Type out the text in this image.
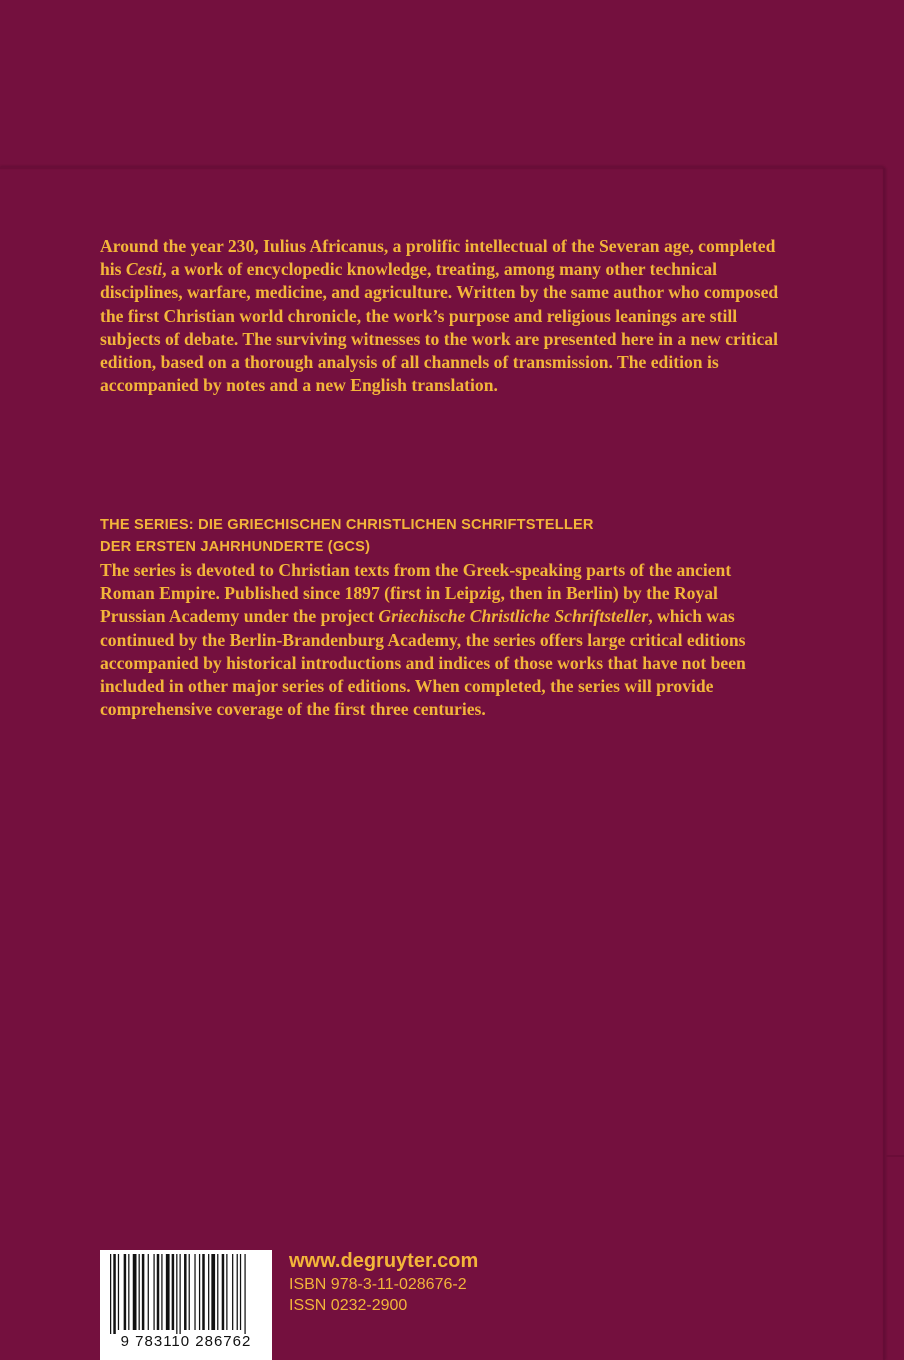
Around the year 230, Iulius Africanus, a prolific intellectual of the Severan age, completed his Cesti, a work of encyclopedic knowledge, treating, among many other technical disciplines, warfare, medicine, and agriculture. Written by the same author who composed the first Christian world chronicle, the work’s purpose and religious leanings are still subjects of debate. The surviving witnesses to the work are presented here in a new critical edition, based on a thorough analysis of all channels of transmission. The edition is accompanied by notes and a new English translation.

THE SERIES: DIE GRIECHISCHEN CHRISTLICHEN SCHRIFTSTELLER
DER ERSTEN JAHRHUNDERTE (GCS)
The series is devoted to Christian texts from the Greek-speaking parts of the ancient Roman Empire. Published since 1897 (first in Leipzig, then in Berlin) by the Royal Prussian Academy under the project Griechische Christliche Schriftsteller, which was continued by the Berlin-Brandenburg Academy, the series offers large critical editions accompanied by historical introductions and indices of those works that have not been included in other major series of editions. When completed, the series will provide comprehensive coverage of the first three centuries.
9 783110 286762
www.degruyter.com
ISBN 978-3-11-028676-2
ISSN 0232-2900
